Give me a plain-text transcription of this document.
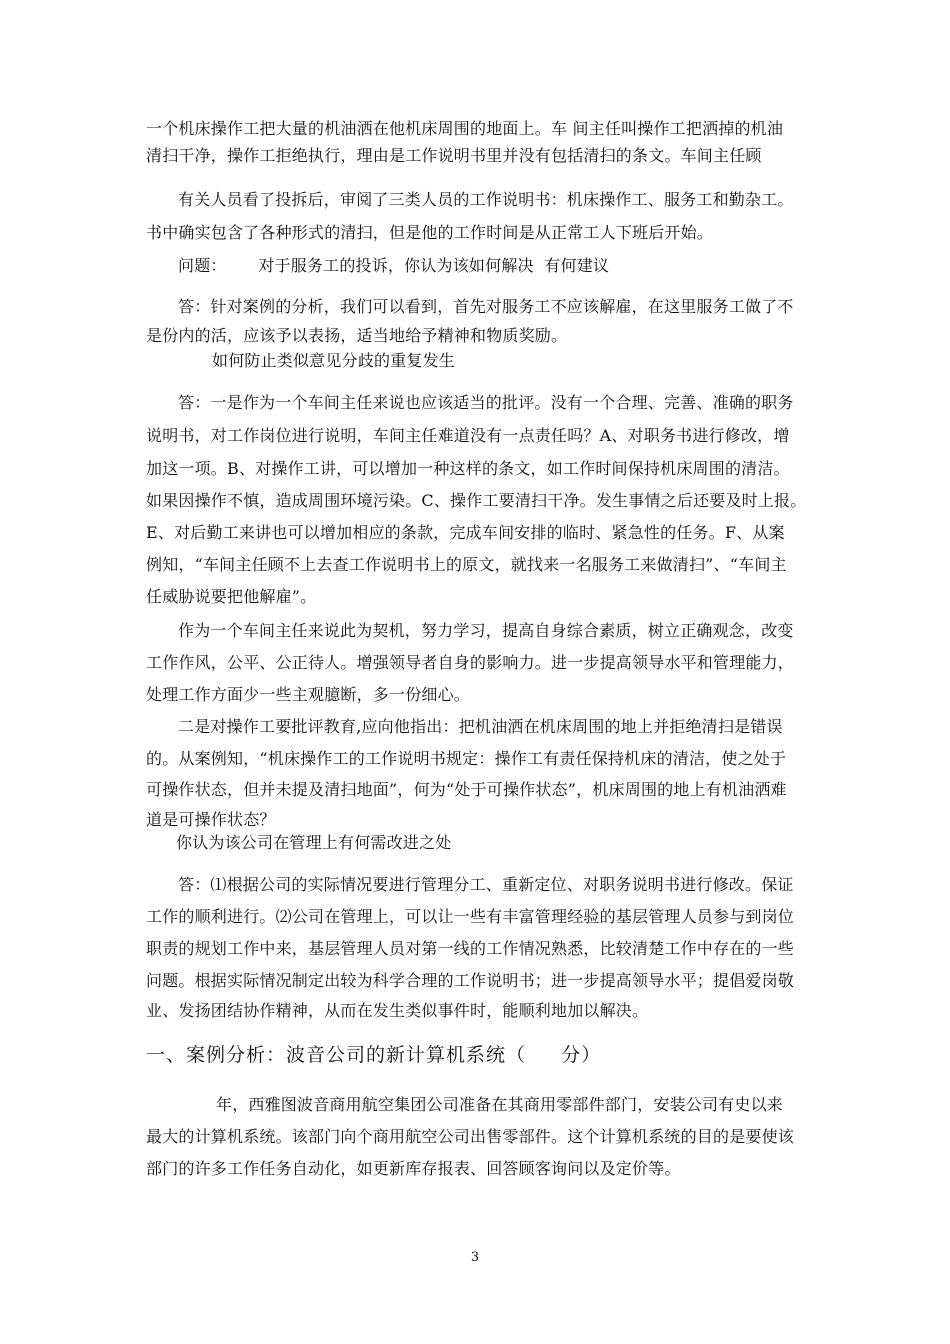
一个机床操作工把大量的机油洒在他机床周围的地面上。车 间主任叫操作工把洒掉的机油
清扫干净，操作工拒绝执行，理由是工作说明书里并没有包括清扫的条文。车间主任顾
有关人员看了投拆后，审阅了三类人员的工作说明书：机床操作工、服务工和勤杂工。
书中确实包含了各种形式的清扫，但是他的工作时间是从正常工人下班后开始。
问题：      对于服务工的投诉，你认为该如何解决  有何建议
答：针对案例的分析，我们可以看到，首先对服务工不应该解雇，在这里服务工做了不
是份内的活，应该予以表扬，适当地给予精神和物质奖励。
如何防止类似意见分歧的重复发生
答：一是作为一个车间主任来说也应该适当的批评。没有一个合理、完善、准确的职务
说明书，对工作岗位进行说明，车间主任难道没有一点责任吗？A、对职务书进行修改，增
加这一项。B、对操作工讲，可以增加一种这样的条文，如工作时间保持机床周围的清洁。
如果因操作不慎，造成周围环境污染。C、操作工要清扫干净。发生事情之后还要及时上报。
E、对后勤工来讲也可以增加相应的条款，完成车间安排的临时、紧急性的任务。F、从案
例知，“车间主任顾不上去查工作说明书上的原文，就找来一名服务工来做清扫”、“车间主
任威胁说要把他解雇”。
作为一个车间主任来说此为契机，努力学习，提高自身综合素质，树立正确观念，改变
工作作风，公平、公正待人。增强领导者自身的影响力。进一步提高领导水平和管理能力，
处理工作方面少一些主观臆断，多一份细心。
二是对操作工要批评教育,应向他指出：把机油洒在机床周围的地上并拒绝清扫是错误
的。从案例知，“机床操作工的工作说明书规定：操作工有责任保持机床的清洁，使之处于
可操作状态，但并未提及清扫地面”，何为“处于可操作状态”，机床周围的地上有机油洒难
道是可操作状态？
你认为该公司在管理上有何需改进之处
答：⑴根据公司的实际情况要进行管理分工、重新定位、对职务说明书进行修改。保证
工作的顺利进行。⑵公司在管理上，可以让一些有丰富管理经验的基层管理人员参与到岗位
职责的规划工作中来，基层管理人员对第一线的工作情况熟悉，比较清楚工作中存在的一些
问题。根据实际情况制定出较为科学合理的工作说明书；进一步提高领导水平；提倡爱岗敬
业、发扬团结协作精神，从而在发生类似事件时，能顺利地加以解决。
一、案例分析：波音公司的新计算机系统（     分）
年，西雅图波音商用航空集团公司准备在其商用零部件部门，安装公司有史以来
最大的计算机系统。该部门向个商用航空公司出售零部件。这个计算机系统的目的是要使该
部门的许多工作任务自动化，如更新库存报表、回答顾客询问以及定价等。
3
